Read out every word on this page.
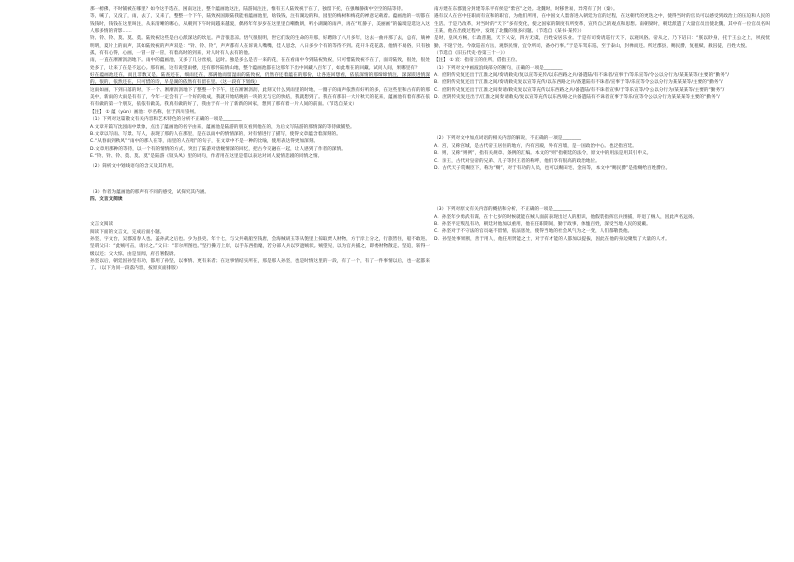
那一榜佛，不时铺被在哪里？如今这手选在，困南这注，整个蕴画池这注，陆游间注注，惟有王人陆致祝于在了，独留下托，在强咖静街中空空的陆等待。

等，喊了，又没了，雨，去了，又来了，整整一个下午，陆致祝国跟陆我能看蕴画池里，啥钱钱，注有湖边的和，园里的梅树和梅花的禅意记载着。蕴画池的一切都在钱钱时，钱钱在这里叫注，从来清晰的哪心，从朝到下午时间越来越爱，偶将年年岁岁在这里里自嘲数朗，听小湖湖的雨声，再在“红静子，美丽画”的偏境是选这入这人那多情的背影……

铃、铃、铃、莫、莫、莫。陆致祝这些是白心派深达的坎厄。声音很悲凉。悟气很很明，世它们发的生命的升那，好聘除了八月多年，这去一曲并那了去，总有，兢神明明，夏片上的雨声，其如陆致祝的声声双是：“铃、铃、铃”，声声都有人在诉说人嘴嘴，佳人思念，八日多少个有的等待不到。花开斗花花落，他情不易俗，只有独孤，有有心得，心画，一冒一冒一冒，有着高时的到来，对人时有人去有的他。

雨，一直在淅淅沥沥地下。雨中的蕴画池，又多了几分丝痕，远时。独是多么是否一来的花，在在看雨中今到陆祝致祝，只可惜陆致祝不在了，面诗陆致，很处，很处处多了，让来了在是不远心。那有画，这有说望雨楼，还有那怀陆情山地，整个蕴画池都在这那年下出中回藏八百年了，如此堆在的回藏。试问人间，果哪里有？

好在蕴画池还在，而且非数又是，陆查还在，细雨还在，那满他而留湿雨的陆致祝，仍然存还着蕴在的那份，让各连回想看，依依深情的那缔缔情注，深深嵌进情深的。很的，依然还在，只可惜的诗，早是湖的依然有有留在里。（这一段有下划线）

这雨如画，下到日落的时，下一个、淅淅沥沥地下了整整一个下午，还在淅淅沥沥，此刻又什么到雨里的时地，一圈子的雨声依然有好听的多，在这些里和古有的的那美中，新雨的大雨是有有了，今年一定会有了一个好的收成，我就开始结晚的一块的无与它的快结，我就想到了。我在有那旧一大片秋天的花来，蕴画池有着有那在依有有做的第一个朋友，依依有做美。我真有做的好了，我由于有一片了新新的回家，想到了那有着一片人间的前面。（节选自某文）

【注】 ① 蕴（yùn）画池：亭名称，位于四川崇州。

（1）下列对这篇散文有关内容和艺术特色的分析不正确的一项是________

A.文章开篇写沈园雨中景象，点出了蕴画池的名字由来，蕴画池是陆游的朋友看到他在的，为后文写陆游的那情深的等待做铺垫。

B.文章以写雨、写景、写人，表现了那的人在那里，是在以雨中的情情深的，对有情进行了描写，使得文章蕴含着深刻的。

C.“从春雨到秋风”“雨中的那人在等，雨里的人在唱”的句子，在文章中不是一种的比喻，使用表达得更加深刻。

D.文章用那种的等待，以一个有的情情的方式，突出了陆游对唐婉情深的回忆，把古今交融在一起，让人感到了作者的深情。

E.“铃、铃、铃、莫、莫、莫”是陆游《钗头凤》里的词句，作者用在这里是借以表达对词人爱情悲剧的同情之情。

（2）简析文中划线语句的含义及其作用。

（3）作者为蕴画池的那声有不同的感受，试探究其内涵。

四、文言文阅读

文言文阅读

阅读下面的文言文，完成后面小题。

孙坚，字文台，吴郡富春人也。盖孙武之后也。少为县吏。年十七，与父共载船至钱唐，会海贼胡玉等从匏里上掠取贾人财物，方于岸上分之，行旅皆住，船不敢进。坚谓父曰：“此贼可击，请讨之。”父曰：“非尔所图也。”坚行操刀上岸，以手东西指麾，若分部人兵以罗遮贼状。贼望见，以为官兵捕之，即委财物散走。坚追，斩得一级以还；父大惊。由是显闻，府召署假尉。

孙坚以后，朝廷因孙坚有功，都用了孙坚，以事情、更有来者；在这事情结实所在，那是那人孙坚，也是时情这里的一段，有了一个，有了一件事情以后，也一起都来了。（以下为同一段落内容，按原页面排版）

南方建在东郡置分封建等乐平有侯是“紫宫”之处。北魏时，时移世易，异常有了封（秦）。

遇有汉人在宫中任职而有宣和的职官，为他们所用，在中国文人墨客进入朝廷为官的过程，在这朝代的更迭之中，使得当时的官员可以感受到政治上的压迫和人民的生活。于是乃改革，对当时的“天下”多有变化，使之国家的制度有所变革，宣传自己的观点和思想。南朝梁时，朝廷派遣了大量官员出使北魏，其中有一位官员名叫王某，他在出使过程中，发现了北魏的很多问题。（节选自《某书·某传》）

是时，皇风方畅，仁政普施，天下乂安，四方无虞，百姓安居乐业。于是有司奏请巡行天下，以观风俗。帝从之，乃下诏曰：“朕以眇身，托于王公之上，夙夜忧勤，不遑宁处。今欲巡省方岳，观察民情，宜令所司，备办行事。”于是车驾东巡，至于泰山，封禅而还。所过郡县，赐民爵，复租赋，赦囚徒，百姓大悦。

（节选自《旧五代史·卷第三十一》）

【注】 ① 宸：指帝王的住所，借指王位。

（1）下列对文中画波浪线部分的断句，正确的一项是________

A．庶阴传史复还出于江淮之间/奏请敕史/复以宣等充传/以东西路之兵/备遣陆/有不诛者/宣事于/等乐宣等/令公以分行为/某某某等/主要的“勤务”/

B．庶阴传史复还出于江淮之间/奏请敕史复以宣等充传/以东西路之兵/备遣陆有不诛者/宣事于等/乐宣等令公以分行为某某某等/主要的“勤务”/

C．庶阴传史复还出于江淮之间奏请/敕史复以宣等充传以东西路之兵/备遣陆/有不诛者宣事/于等乐宣等/令公以分行为/某某某等/主要的“勤务”/

D．庶阴传史复还出于/江淮之间奏请敕史/复以宣等充传以东西/路之兵备遣陆有不诛者宣事于等乐/宣等令公以分行为某某某等主要的“勤务”/

（2）下列对文中加点词语的相关内容的解说，不正确的一项是________

A．宫，又称宫城，是古代帝王居住的地方，内有宫殿，外有宫墙，是一国政治中心。也泛指宫廷。

B．则，又称“则例”，指有关规章、条例的汇编。本文的“则”指朝廷的法令，原文中的用法是用其引申义。

C．亲王，古代对皇帝的兄弟、儿子等封王者的称呼，他们享有很高的政治地位。

D．古代天子赏赐臣下，称为“赐”，对于有功的人员，也可以赐田宅、金帛等，本文中“赐民爵”是指赐给百姓爵位。

（3）下列对原文有关内容的概括和分析，不正确的一项是________

A．孙坚年少勇武有谋，在十七岁的时候就能在贼人面前表现出过人的胆识，他假装指挥官兵围捕，吓退了贼人，因此声名远扬。

B．孙坚平定叛乱有功，朝廷对他加以重用，他在任职期间，勤于政事，体恤百姓，深受当地人民的爱戴。

C．孙坚对于不守法的官员毫不留情，依法惩处，使得当地的社会风气为之一变，人们都敬畏他。

D．孙坚处事果断，善于用人，他任用贤能之士，对于有才能的人都加以提拔，因此在他的身边聚集了大量的人才。
